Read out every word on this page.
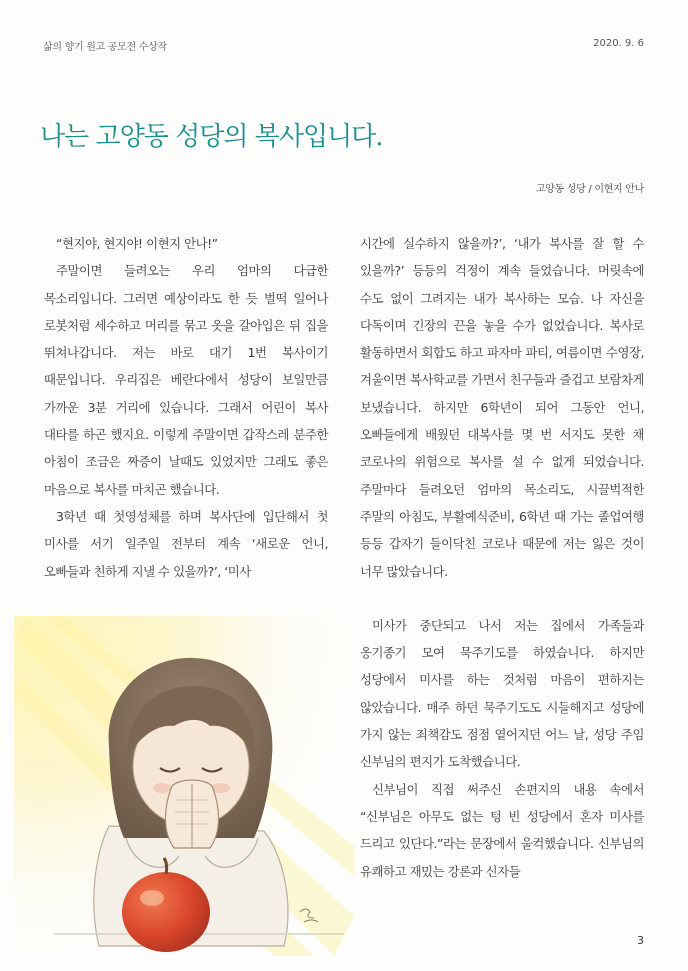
삶의 향기 원고 공모전 수상작	2020. 9. 6
나는 고양동 성당의 복사입니다.
고양동 성당 / 이현지 안나

“현지야, 현지야! 이현지 안나!”

주말이면 들려오는 우리 엄마의 다급한 목소리입니다. 그러면 예상이라도 한 듯 벌떡 일어나 로봇처럼 세수하고 머리를 묶고 옷을 갈아입은 뒤 집을 뛰쳐나갑니다. 저는 바로 대기 1번 복사이기 때문입니다. 우리집은 베란다에서 성당이 보일만큼 가까운 3분 거리에 있습니다. 그래서 어린이 복사 대타를 하곤 했지요. 이렇게 주말이면 갑작스레 분주한 아침이 조금은 짜증이 날때도 있었지만 그래도 좋은 마음으로 복사를 마치곤 했습니다.

3학년 때 첫영성체를 하며 복사단에 입단해서 첫 미사를 서기 일주일 전부터 계속 ‘새로운 언니, 오빠들과 친하게 지낼 수 있을까?’, ‘미사

시간에 실수하지 않을까?’, ‘내가 복사를 잘 할 수 있을까?’ 등등의 걱정이 계속 들었습니다. 머릿속에 수도 없이 그려지는 내가 복사하는 모습. 나 자신을 다독이며 긴장의 끈을 놓을 수가 없었습니다. 복사로 활동하면서 회합도 하고 파자마 파티, 여름이면 수영장, 겨울이면 복사학교를 가면서 친구들과 즐겁고 보람차게 보냈습니다. 하지만 6학년이 되어 그동안 언니, 오빠들에게 배웠던 대복사를 몇 번 서지도 못한 채 코로나의 위험으로 복사를 설 수 없게 되었습니다. 주말마다 들려오던 엄마의 목소리도, 시끌벅적한 주말의 아침도, 부활예식준비, 6학년 때 가는 졸업여행 등등 갑자기 들이닥친 코로나 때문에 저는 잃은 것이 너무 많았습니다.

미사가 중단되고 나서 저는 집에서 가족들과 옹기종기 모여 묵주기도를 하였습니다. 하지만 성당에서 미사를 하는 것처럼 마음이 편하지는 않았습니다. 매주 하던 묵주기도도 시들해지고 성당에 가지 않는 죄책감도 점점 옅어지던 어느 날, 성당 주임 신부님의 편지가 도착했습니다.

신부님이 직접 써주신 손편지의 내용 속에서 “신부님은 아무도 없는 텅 빈 성당에서 혼자 미사를 드리고 있단다.”라는 문장에서 울컥했습니다. 신부님의 유쾌하고 재밌는 강론과 신자들

3
